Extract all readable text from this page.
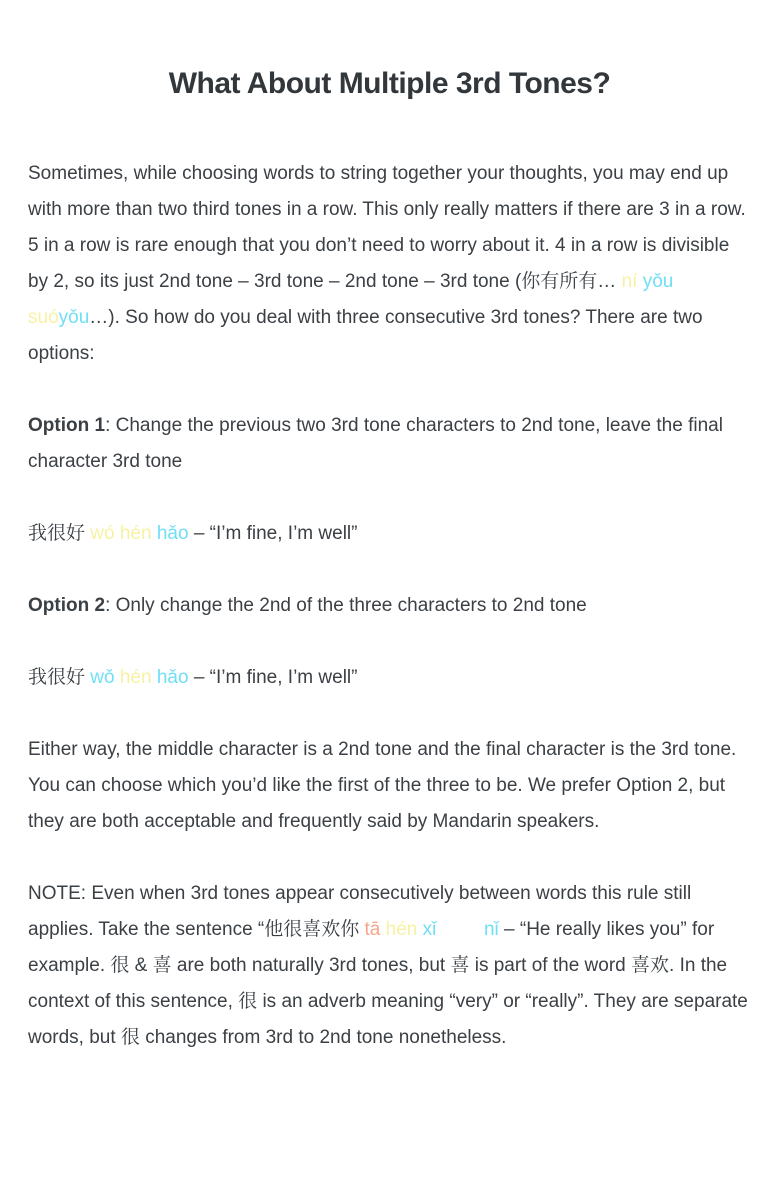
What About Multiple 3rd Tones?

Sometimes, while choosing words to string together your thoughts, you may end up with more than two third tones in a row. This only really matters if there are 3 in a row. 5 in a row is rare enough that you don’t need to worry about it. 4 in a row is divisible by 2, so its just 2nd tone – 3rd tone – 2nd tone – 3rd tone (你有所有… ní yǒu suóyǒu…). So how do you deal with three consecutive 3rd tones? There are two options:

Option 1: Change the previous two 3rd tone characters to 2nd tone, leave the final character 3rd tone

我很好 wó hén hǎo – “I’m fine, I’m well”

Option 2: Only change the 2nd of the three characters to 2nd tone

我很好 wǒ hén hǎo – “I’m fine, I’m well”

Either way, the middle character is a 2nd tone and the final character is the 3rd tone. You can choose which you’d like the first of the three to be. We prefer Option 2, but they are both acceptable and frequently said by Mandarin speakers.

NOTE: Even when 3rd tones appear consecutively between words this rule still applies. Take the sentence “他很喜欢你 tā hén xǐhuan nǐ – “He really likes you” for example. 很 & 喜 are both naturally 3rd tones, but 喜 is part of the word 喜欢. In the context of this sentence, 很 is an adverb meaning “very” or “really”. They are separate words, but 很 changes from 3rd to 2nd tone nonetheless.
